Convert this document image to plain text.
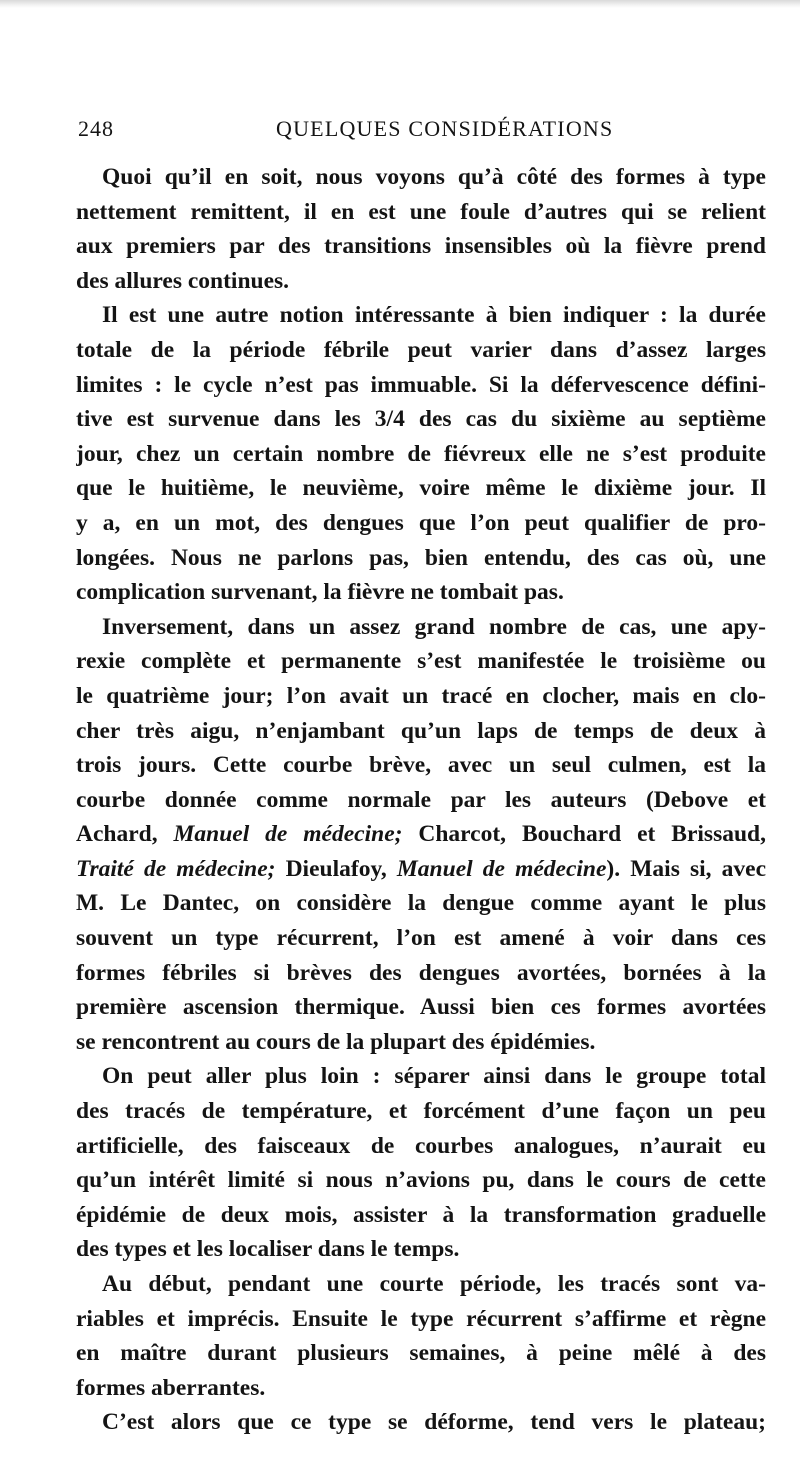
248	QUELQUES CONSIDÉRATIONS

Quoi qu’il en soit, nous voyons qu’à côté des formes à type
nettement remittent, il en est une foule d’autres qui se relient
aux premiers par des transitions insensibles où la fièvre prend
des allures continues.

Il est une autre notion intéressante à bien indiquer : la durée
totale de la période fébrile peut varier dans d’assez larges
limites : le cycle n’est pas immuable. Si la défervescence défini-
tive est survenue dans les 3/4 des cas du sixième au septième
jour, chez un certain nombre de fiévreux elle ne s’est produite
que le huitième, le neuvième, voire même le dixième jour. Il
y a, en un mot, des dengues que l’on peut qualifier de pro-
longées. Nous ne parlons pas, bien entendu, des cas où, une
complication survenant, la fièvre ne tombait pas.

Inversement, dans un assez grand nombre de cas, une apy-
rexie complète et permanente s’est manifestée le troisième ou
le quatrième jour; l’on avait un tracé en clocher, mais en clo-
cher très aigu, n’enjambant qu’un laps de temps de deux à
trois jours. Cette courbe brève, avec un seul culmen, est la
courbe donnée comme normale par les auteurs (Debove et
Achard, Manuel de médecine; Charcot, Bouchard et Brissaud,
Traité de médecine; Dieulafoy, Manuel de médecine). Mais si, avec
M. Le Dantec, on considère la dengue comme ayant le plus
souvent un type récurrent, l’on est amené à voir dans ces
formes fébriles si brèves des dengues avortées, bornées à la
première ascension thermique. Aussi bien ces formes avortées
se rencontrent au cours de la plupart des épidémies.

On peut aller plus loin : séparer ainsi dans le groupe total
des tracés de température, et forcément d’une façon un peu
artificielle, des faisceaux de courbes analogues, n’aurait eu
qu’un intérêt limité si nous n’avions pu, dans le cours de cette
épidémie de deux mois, assister à la transformation graduelle
des types et les localiser dans le temps.

Au début, pendant une courte période, les tracés sont va-
riables et imprécis. Ensuite le type récurrent s’affirme et règne
en maître durant plusieurs semaines, à peine mêlé à des
formes aberrantes.

C’est alors que ce type se déforme, tend vers le plateau;
